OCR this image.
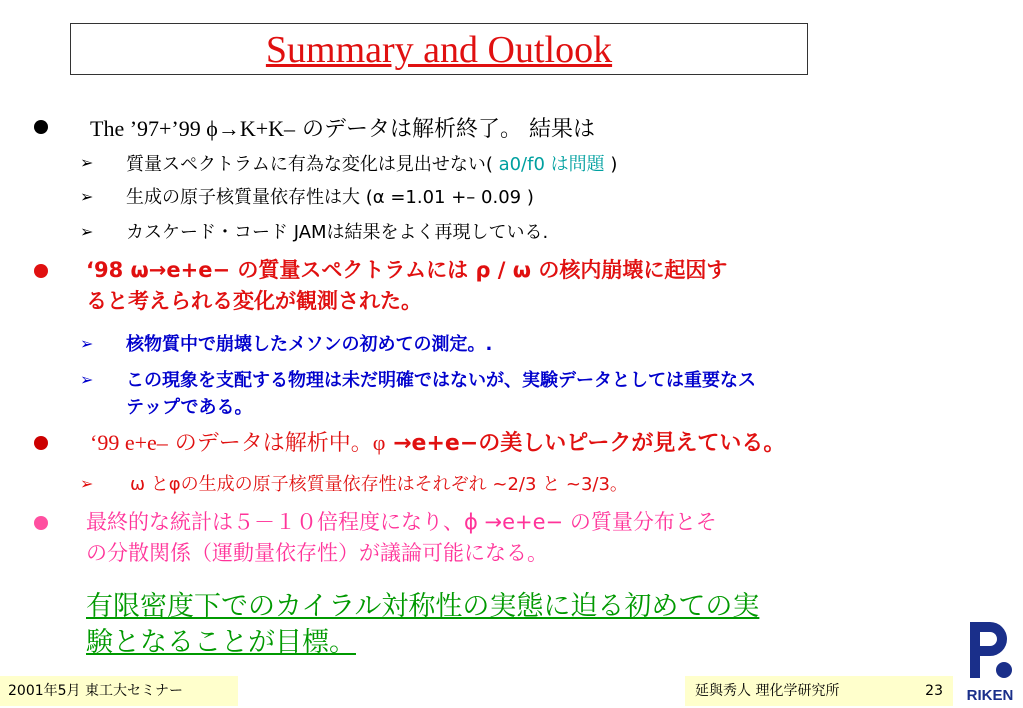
Summary and Outlook
The ’97+’99 ϕ→K+K– のデータは解析終了。 結果は
➢ 質量スペクトラムに有為な変化は見出せない( a0/f0 は問題 )
➢ 生成の原子核質量依存性は大 (α =1.01 +– 0.09 )
➢ カスケード・コード JAMは結果をよく再現している.
‘98 ω→e+e− の質量スペクトラムには ρ / ω の核内崩壊に起因す
ると考えられる変化が観測された。
➢ 核物質中で崩壊したメソンの初めての測定。.
➢ この現象を支配する物理は未だ明確ではないが、実験データとしては重要なス
テップである。
‘99 e+e– のデータは解析中。φ →e+e−の美しいピークが見えている。
➢ ω とφの生成の原子核質量依存性はそれぞれ ~2/3 と ~3/3。
最終的な統計は５－１０倍程度になり、ϕ →e+e− の質量分布とそ
の分散関係（運動量依存性）が議論可能になる。
有限密度下でのカイラル対称性の実態に迫る初めての実
験となることが目標。
2001年5月 東工大セミナー	延與秀人 理化学研究所	23 RIKEN
